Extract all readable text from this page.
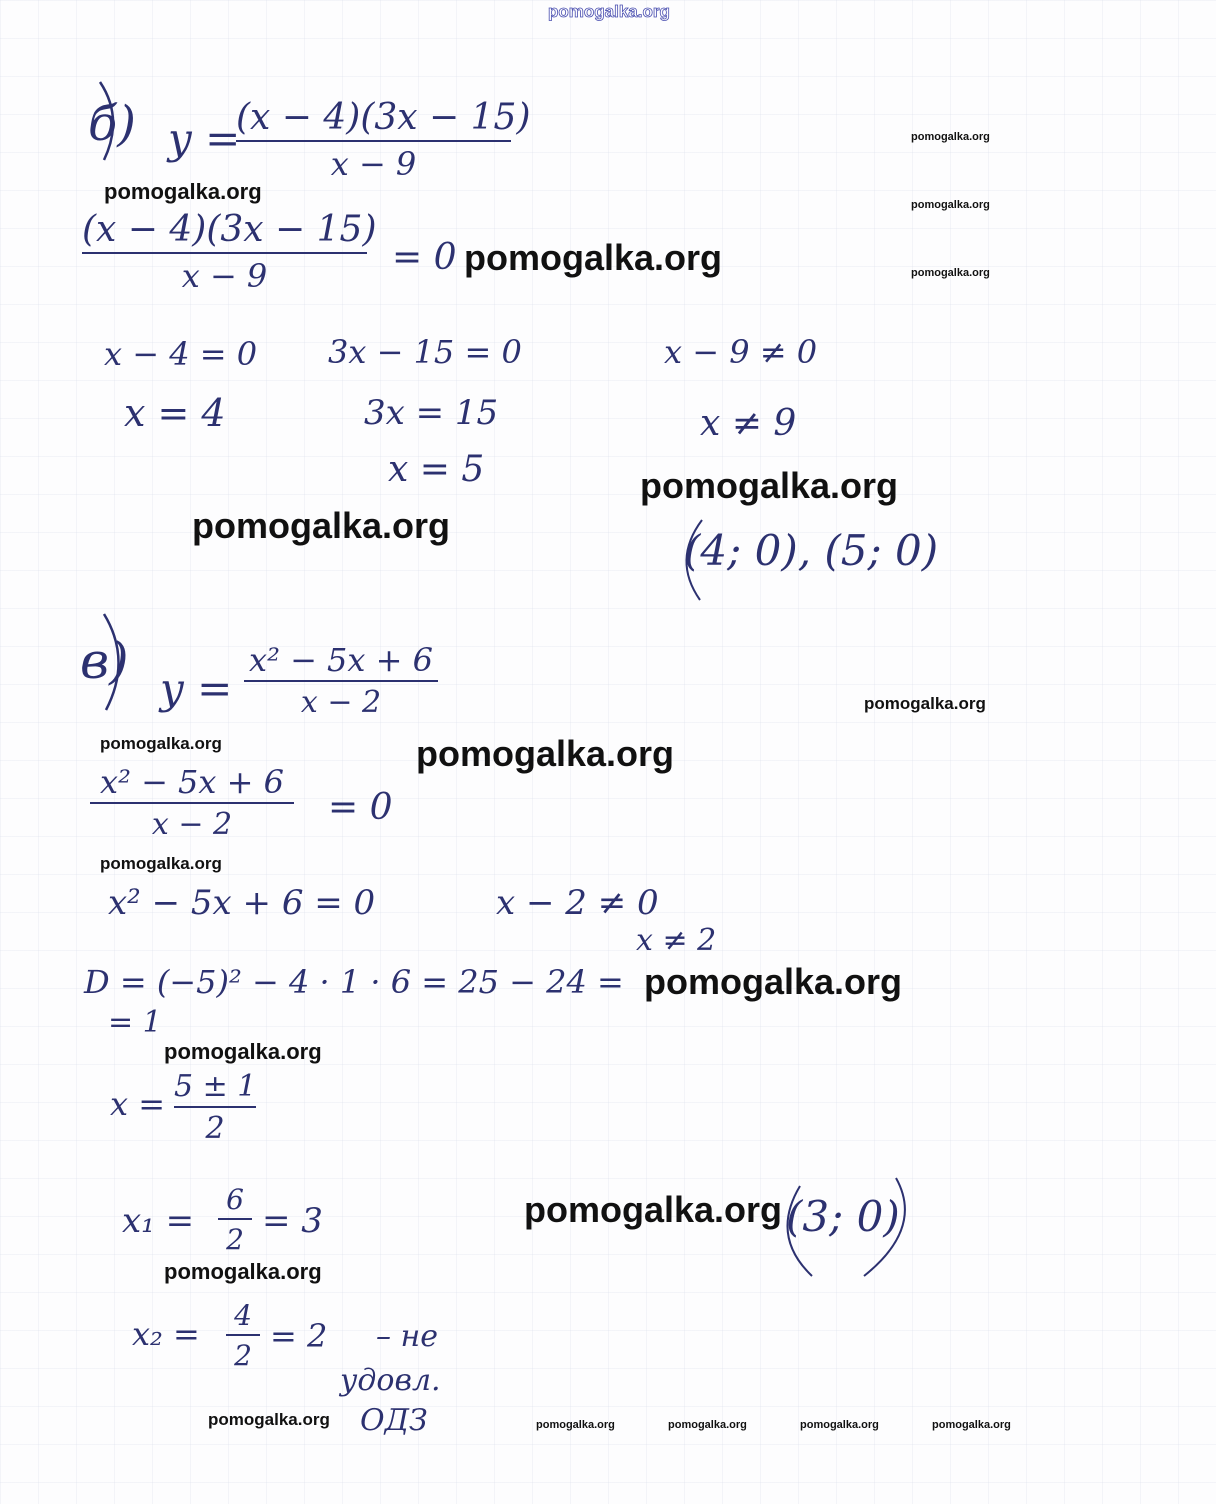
pomogalka.org
б) y =
(x − 4)(3x − 15)
x − 9
(x − 4)(3x − 15)
x − 9	= 0
x − 4 = 0 3x − 15 = 0	x − 9 ≠ 0
x = 4	3x = 15	x ≠ 9
x = 5
(4; 0), (5; 0)
в) y =
x² − 5x + 6
x − 2
x² − 5x + 6
x − 2	= 0
x² − 5x + 6 = 0	x − 2 ≠ 0
x ≠ 2
D = (−5)² − 4 · 1 · 6 = 25 − 24 =
= 1
x = 5 ± 1
2
x₁ =
6
2 = 3	(3; 0)
x₂ = 4
2
= 2 – не
удовл.
ОДЗ
pomogalka.org
pomogalka.org
pomogalka.org
pomogalka.org	pomogalka.org
pomogalka.org
pomogalka.org
pomogalka.org
pomogalka.org	pomogalka.org
pomogalka.org
pomogalka.org
pomogalka.org
pomogalka.org
pomogalka.org
pomogalka.org	pomogalka.org	pomogalka.org	pomogalka.org	pomogalka.org
